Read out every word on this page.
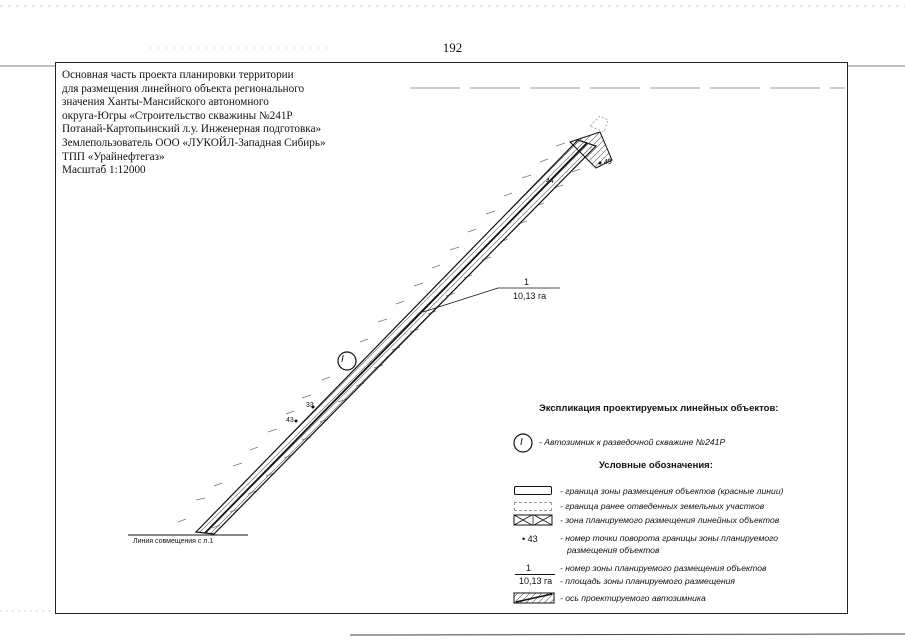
192
Основная часть проекта планировки территории
для размещения линейного объекта регионального
значения Ханты-Мансийского автономного
округа-Югры «Строительство скважины №241Р
Потанай-Картопьинский л.у. Инженерная подготовка»
Землепользователь ООО «ЛУКОЙЛ-Западная Сибирь»
ТПП «Урайнефтегаз»
Масштаб 1:12000
I
1
10,13 га
43
33
49
44
Линия совмещения с л.1
Экспликация проектируемых линейных объектов:
I - Автозимник к разведочной скважине №241Р
Условные обозначения:
- граница зоны размещения объектов (красные линии)
- граница ранее отведенных земельных участков
- зона планируемого размещения линейных объектов
• 43	- номер точки поворота границы зоны планируемого
размещения объектов
1
10,13 га
- номер зоны планируемого размещения объектов
- площадь зоны планируемого размещения
- ось проектируемого автозимника
